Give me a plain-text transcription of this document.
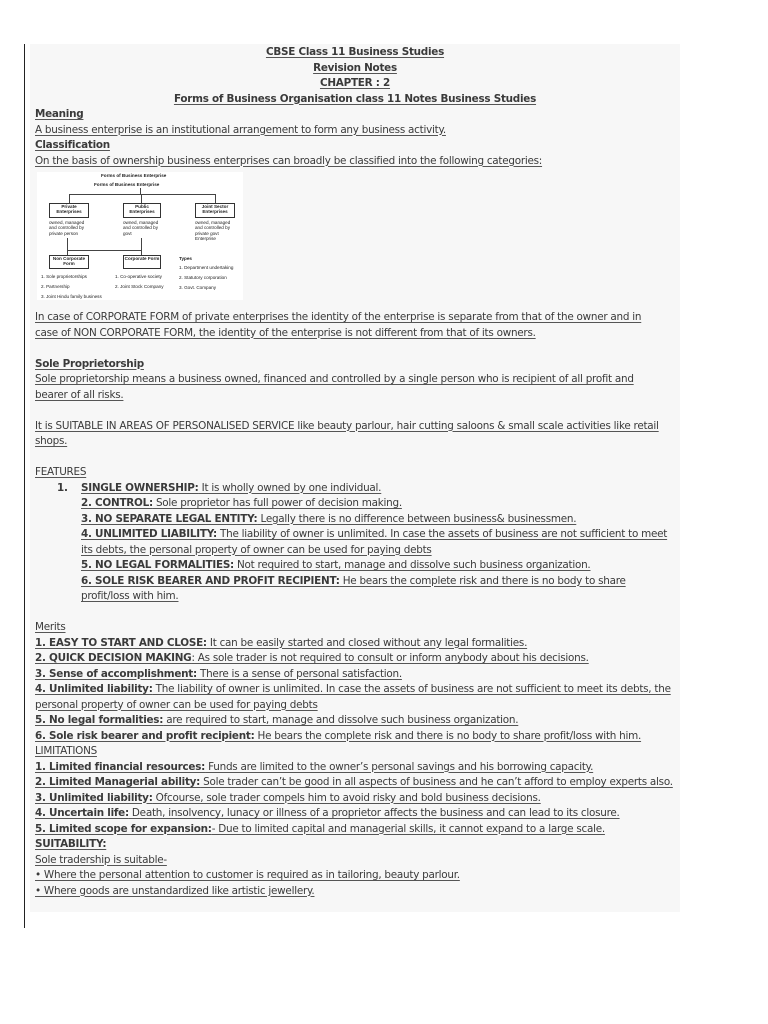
CBSE Class 11 Business Studies
Revision Notes
CHAPTER : 2
Forms of Business Organisation class 11 Notes Business Studies
Meaning
A business enterprise is an institutional arrangement to form any business activity.
Classification
On the basis of ownership business enterprises can broadly be classified into the following categories:
Forms of Business Enterprise
Forms of Business Enterprise
Private Enterprises
Public Enterprises
Joint Sector Enterprises
owned, managed and controlled by private person
owned, managed and controlled by govt
owned, managed and controlled by private govt Enterprise
Non Corporate Form
Corporate Form	Types
1. Department undertaking
2. Statutory corporation
3. Govt. Company
1. Sole proprietorships
2. Partnership
3. Joint Hindu family business
1. Co-operative society
2. Joint Stock Company
In case of CORPORATE FORM of private enterprises the identity of the enterprise is separate from that of the owner and in
case of NON CORPORATE FORM, the identity of the enterprise is not different from that of its owners.
Sole Proprietorship
Sole proprietorship means a business owned, financed and controlled by a single person who is recipient of all profit and
bearer of all risks.
It is SUITABLE IN AREAS OF PERSONALISED SERVICE like beauty parlour, hair cutting saloons & small scale activities like retail
shops.
FEATURES
1. SINGLE OWNERSHIP: It is wholly owned by one individual.
2. CONTROL: Sole proprietor has full power of decision making.
3. NO SEPARATE LEGAL ENTITY: Legally there is no difference between business& businessmen.
4. UNLIMITED LIABILITY: The liability of owner is unlimited. In case the assets of business are not sufficient to meet its debts, the personal property of owner can be used for paying debts
5. NO LEGAL FORMALITIES: Not required to start, manage and dissolve such business organization.
6. SOLE RISK BEARER AND PROFIT RECIPIENT: He bears the complete risk and there is no body to share profit/loss with him.
Merits
1. EASY TO START AND CLOSE: It can be easily started and closed without any legal formalities.
2. QUICK DECISION MAKING: As sole trader is not required to consult or inform anybody about his decisions.
3. Sense of accomplishment: There is a sense of personal satisfaction.
4. Unlimited liability: The liability of owner is unlimited. In case the assets of business are not sufficient to meet its debts, the personal property of owner can be used for paying debts
5. No legal formalities: are required to start, manage and dissolve such business organization.
6. Sole risk bearer and profit recipient: He bears the complete risk and there is no body to share profit/loss with him.
LIMITATIONS
1. Limited financial resources: Funds are limited to the owner’s personal savings and his borrowing capacity.
2. Limited Managerial ability: Sole trader can’t be good in all aspects of business and he can’t afford to employ experts also.
3. Unlimited liability: Ofcourse, sole trader compels him to avoid risky and bold business decisions.
4. Uncertain life: Death, insolvency, lunacy or illness of a proprietor affects the business and can lead to its closure.
5. Limited scope for expansion:- Due to limited capital and managerial skills, it cannot expand to a large scale.
SUITABILITY:
Sole tradership is suitable-
• Where the personal attention to customer is required as in tailoring, beauty parlour.
• Where goods are unstandardized like artistic jewellery.
